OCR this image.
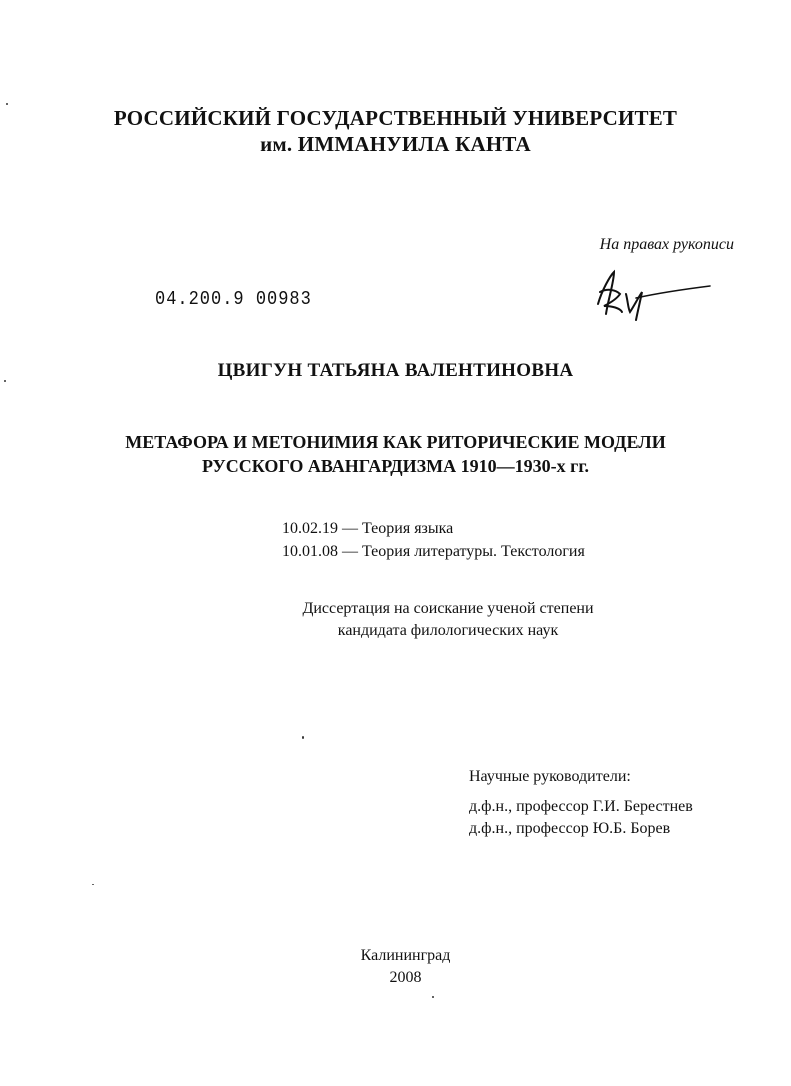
РОССИЙСКИЙ ГОСУДАРСТВЕННЫЙ УНИВЕРСИТЕТ
им. ИММАНУИЛА КАНТА
На правах рукописи
04.200.9 00983
ЦВИГУН ТАТЬЯНА ВАЛЕНТИНОВНА
МЕТАФОРА И МЕТОНИМИЯ КАК РИТОРИЧЕСКИЕ МОДЕЛИ
РУССКОГО АВАНГАРДИЗМА 1910—1930-х гг.
10.02.19 — Теория языка
10.01.08 — Теория литературы. Текстология
Диссертация на соискание ученой степени
кандидата филологических наук
Научные руководители:
д.ф.н., профессор Г.И. Берестнев
д.ф.н., профессор Ю.Б. Борев
Калининград
2008
